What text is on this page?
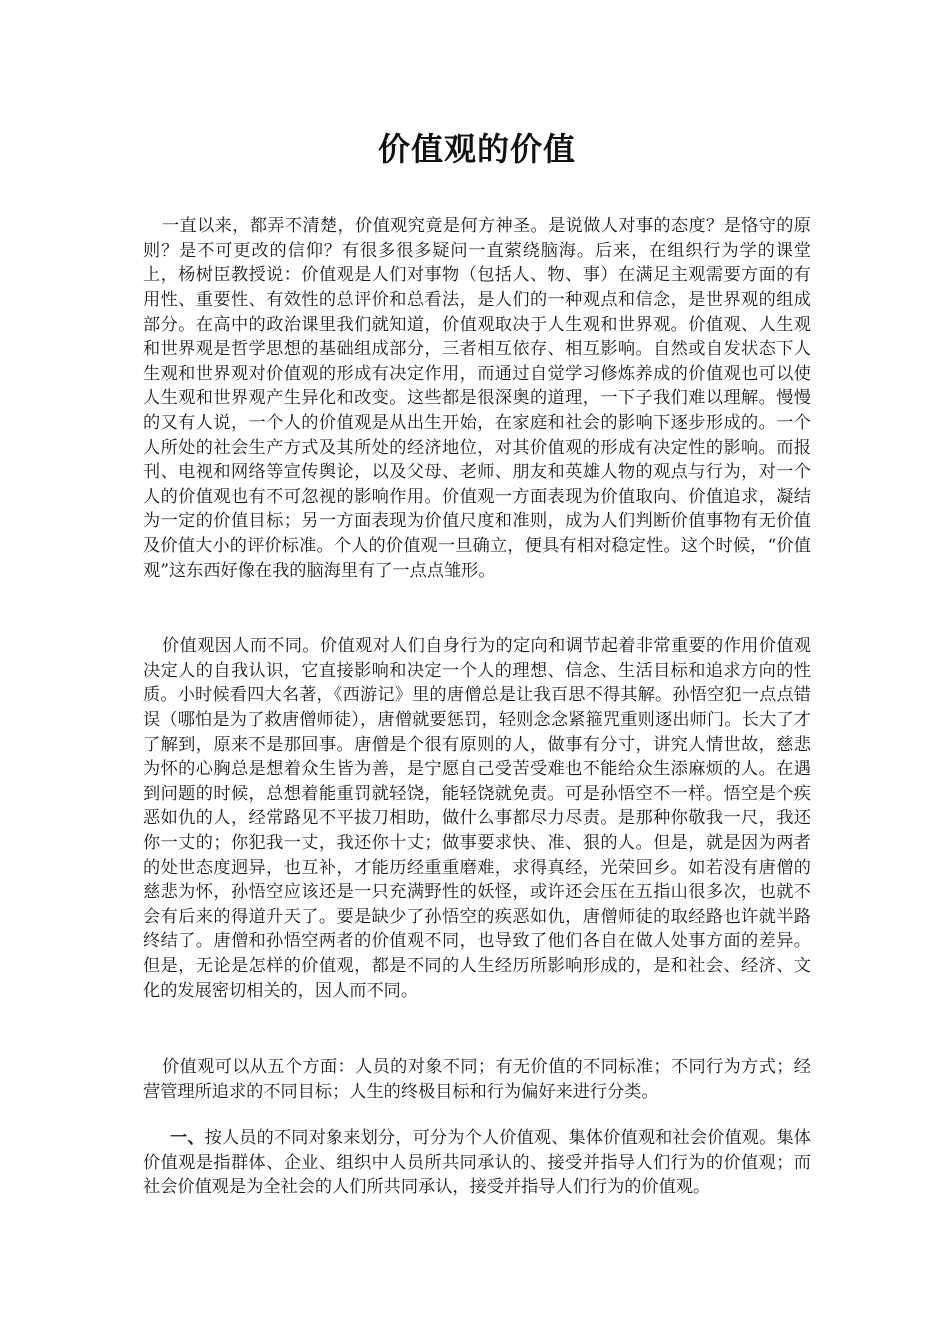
价值观的价值

一直以来，都弄不清楚，价值观究竟是何方神圣。是说做人对事的态度？是恪守的原则？是不可更改的信仰？有很多很多疑问一直萦绕脑海。后来，在组织行为学的课堂上，杨树臣教授说：价值观是人们对事物（包括人、物、事）在满足主观需要方面的有用性、重要性、有效性的总评价和总看法，是人们的一种观点和信念，是世界观的组成部分。在高中的政治课里我们就知道，价值观取决于人生观和世界观。价值观、人生观和世界观是哲学思想的基础组成部分，三者相互依存、相互影响。自然或自发状态下人生观和世界观对价值观的形成有决定作用，而通过自觉学习修炼养成的价值观也可以使人生观和世界观产生异化和改变。这些都是很深奥的道理，一下子我们难以理解。慢慢的又有人说，一个人的价值观是从出生开始，在家庭和社会的影响下逐步形成的。一个人所处的社会生产方式及其所处的经济地位，对其价值观的形成有决定性的影响。而报刊、电视和网络等宣传舆论，以及父母、老师、朋友和英雄人物的观点与行为，对一个人的价值观也有不可忽视的影响作用。价值观一方面表现为价值取向、价值追求，凝结为一定的价值目标；另一方面表现为价值尺度和准则，成为人们判断价值事物有无价值及价值大小的评价标准。个人的价值观一旦确立，便具有相对稳定性。这个时候，“价值观”这东西好像在我的脑海里有了一点点雏形。

价值观因人而不同。价值观对人们自身行为的定向和调节起着非常重要的作用价值观决定人的自我认识，它直接影响和决定一个人的理想、信念、生活目标和追求方向的性质。小时候看四大名著，《西游记》里的唐僧总是让我百思不得其解。孙悟空犯一点点错误（哪怕是为了救唐僧师徒），唐僧就要惩罚，轻则念念紧箍咒重则逐出师门。长大了才了解到，原来不是那回事。唐僧是个很有原则的人，做事有分寸，讲究人情世故，慈悲为怀的心胸总是想着众生皆为善，是宁愿自己受苦受难也不能给众生添麻烦的人。在遇到问题的时候，总想着能重罚就轻饶，能轻饶就免责。可是孙悟空不一样。悟空是个疾恶如仇的人，经常路见不平拔刀相助，做什么事都尽力尽责。是那种你敬我一尺，我还你一丈的；你犯我一丈，我还你十丈；做事要求快、准、狠的人。但是，就是因为两者的处世态度迥异，也互补，才能历经重重磨难，求得真经，光荣回乡。如若没有唐僧的慈悲为怀，孙悟空应该还是一只充满野性的妖怪，或许还会压在五指山很多次，也就不会有后来的得道升天了。要是缺少了孙悟空的疾恶如仇，唐僧师徒的取经路也许就半路终结了。唐僧和孙悟空两者的价值观不同，也导致了他们各自在做人处事方面的差异。但是，无论是怎样的价值观，都是不同的人生经历所影响形成的，是和社会、经济、文化的发展密切相关的，因人而不同。

价值观可以从五个方面：人员的对象不同；有无价值的不同标准；不同行为方式；经营管理所追求的不同目标；人生的终极目标和行为偏好来进行分类。

一、按人员的不同对象来划分，可分为个人价值观、集体价值观和社会价值观。集体价值观是指群体、企业、组织中人员所共同承认的、接受并指导人们行为的价值观；而社会价值观是为全社会的人们所共同承认，接受并指导人们行为的价值观。
